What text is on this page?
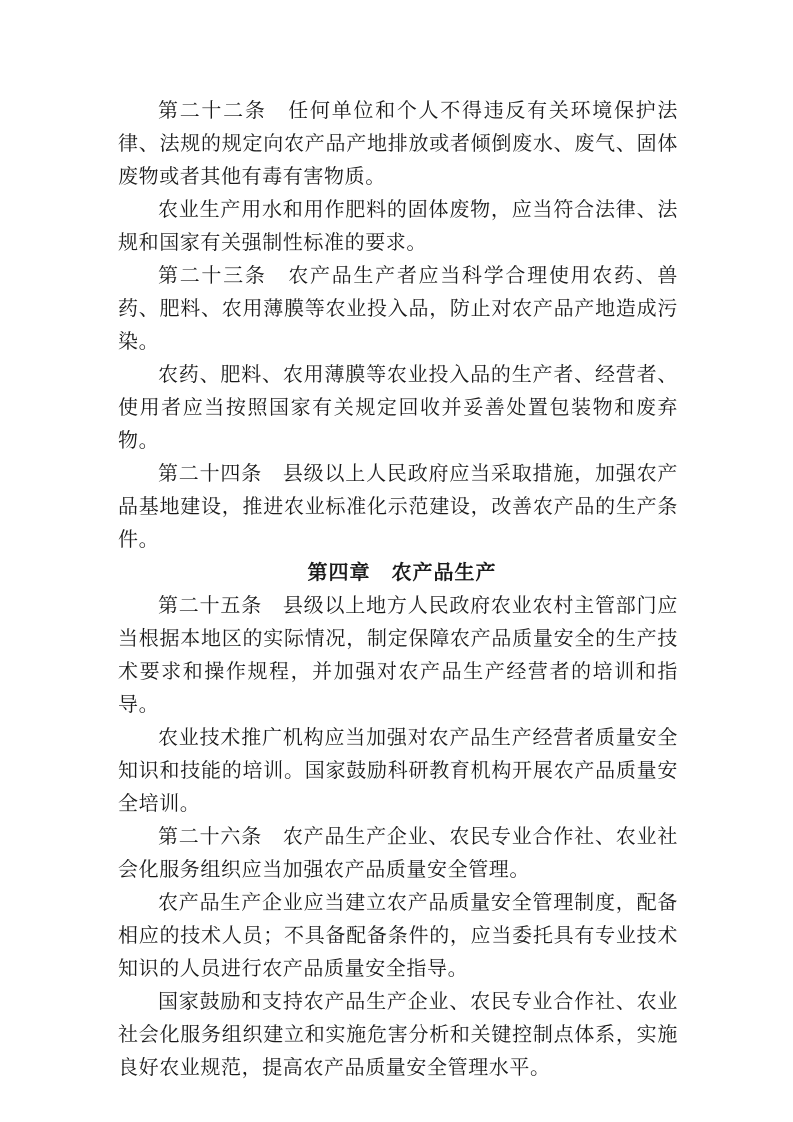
第二十二条　任何单位和个人不得违反有关环境保护法律、法规的规定向农产品产地排放或者倾倒废水、废气、固体废物或者其他有毒有害物质。

农业生产用水和用作肥料的固体废物，应当符合法律、法规和国家有关强制性标准的要求。

第二十三条　农产品生产者应当科学合理使用农药、兽药、肥料、农用薄膜等农业投入品，防止对农产品产地造成污染。

农药、肥料、农用薄膜等农业投入品的生产者、经营者、使用者应当按照国家有关规定回收并妥善处置包装物和废弃物。

第二十四条　县级以上人民政府应当采取措施，加强农产品基地建设，推进农业标准化示范建设，改善农产品的生产条件。

第四章　农产品生产

第二十五条　县级以上地方人民政府农业农村主管部门应当根据本地区的实际情况，制定保障农产品质量安全的生产技术要求和操作规程，并加强对农产品生产经营者的培训和指导。

农业技术推广机构应当加强对农产品生产经营者质量安全知识和技能的培训。国家鼓励科研教育机构开展农产品质量安全培训。

第二十六条　农产品生产企业、农民专业合作社、农业社会化服务组织应当加强农产品质量安全管理。

农产品生产企业应当建立农产品质量安全管理制度，配备相应的技术人员；不具备配备条件的，应当委托具有专业技术知识的人员进行农产品质量安全指导。

国家鼓励和支持农产品生产企业、农民专业合作社、农业社会化服务组织建立和实施危害分析和关键控制点体系，实施良好农业规范，提高农产品质量安全管理水平。
